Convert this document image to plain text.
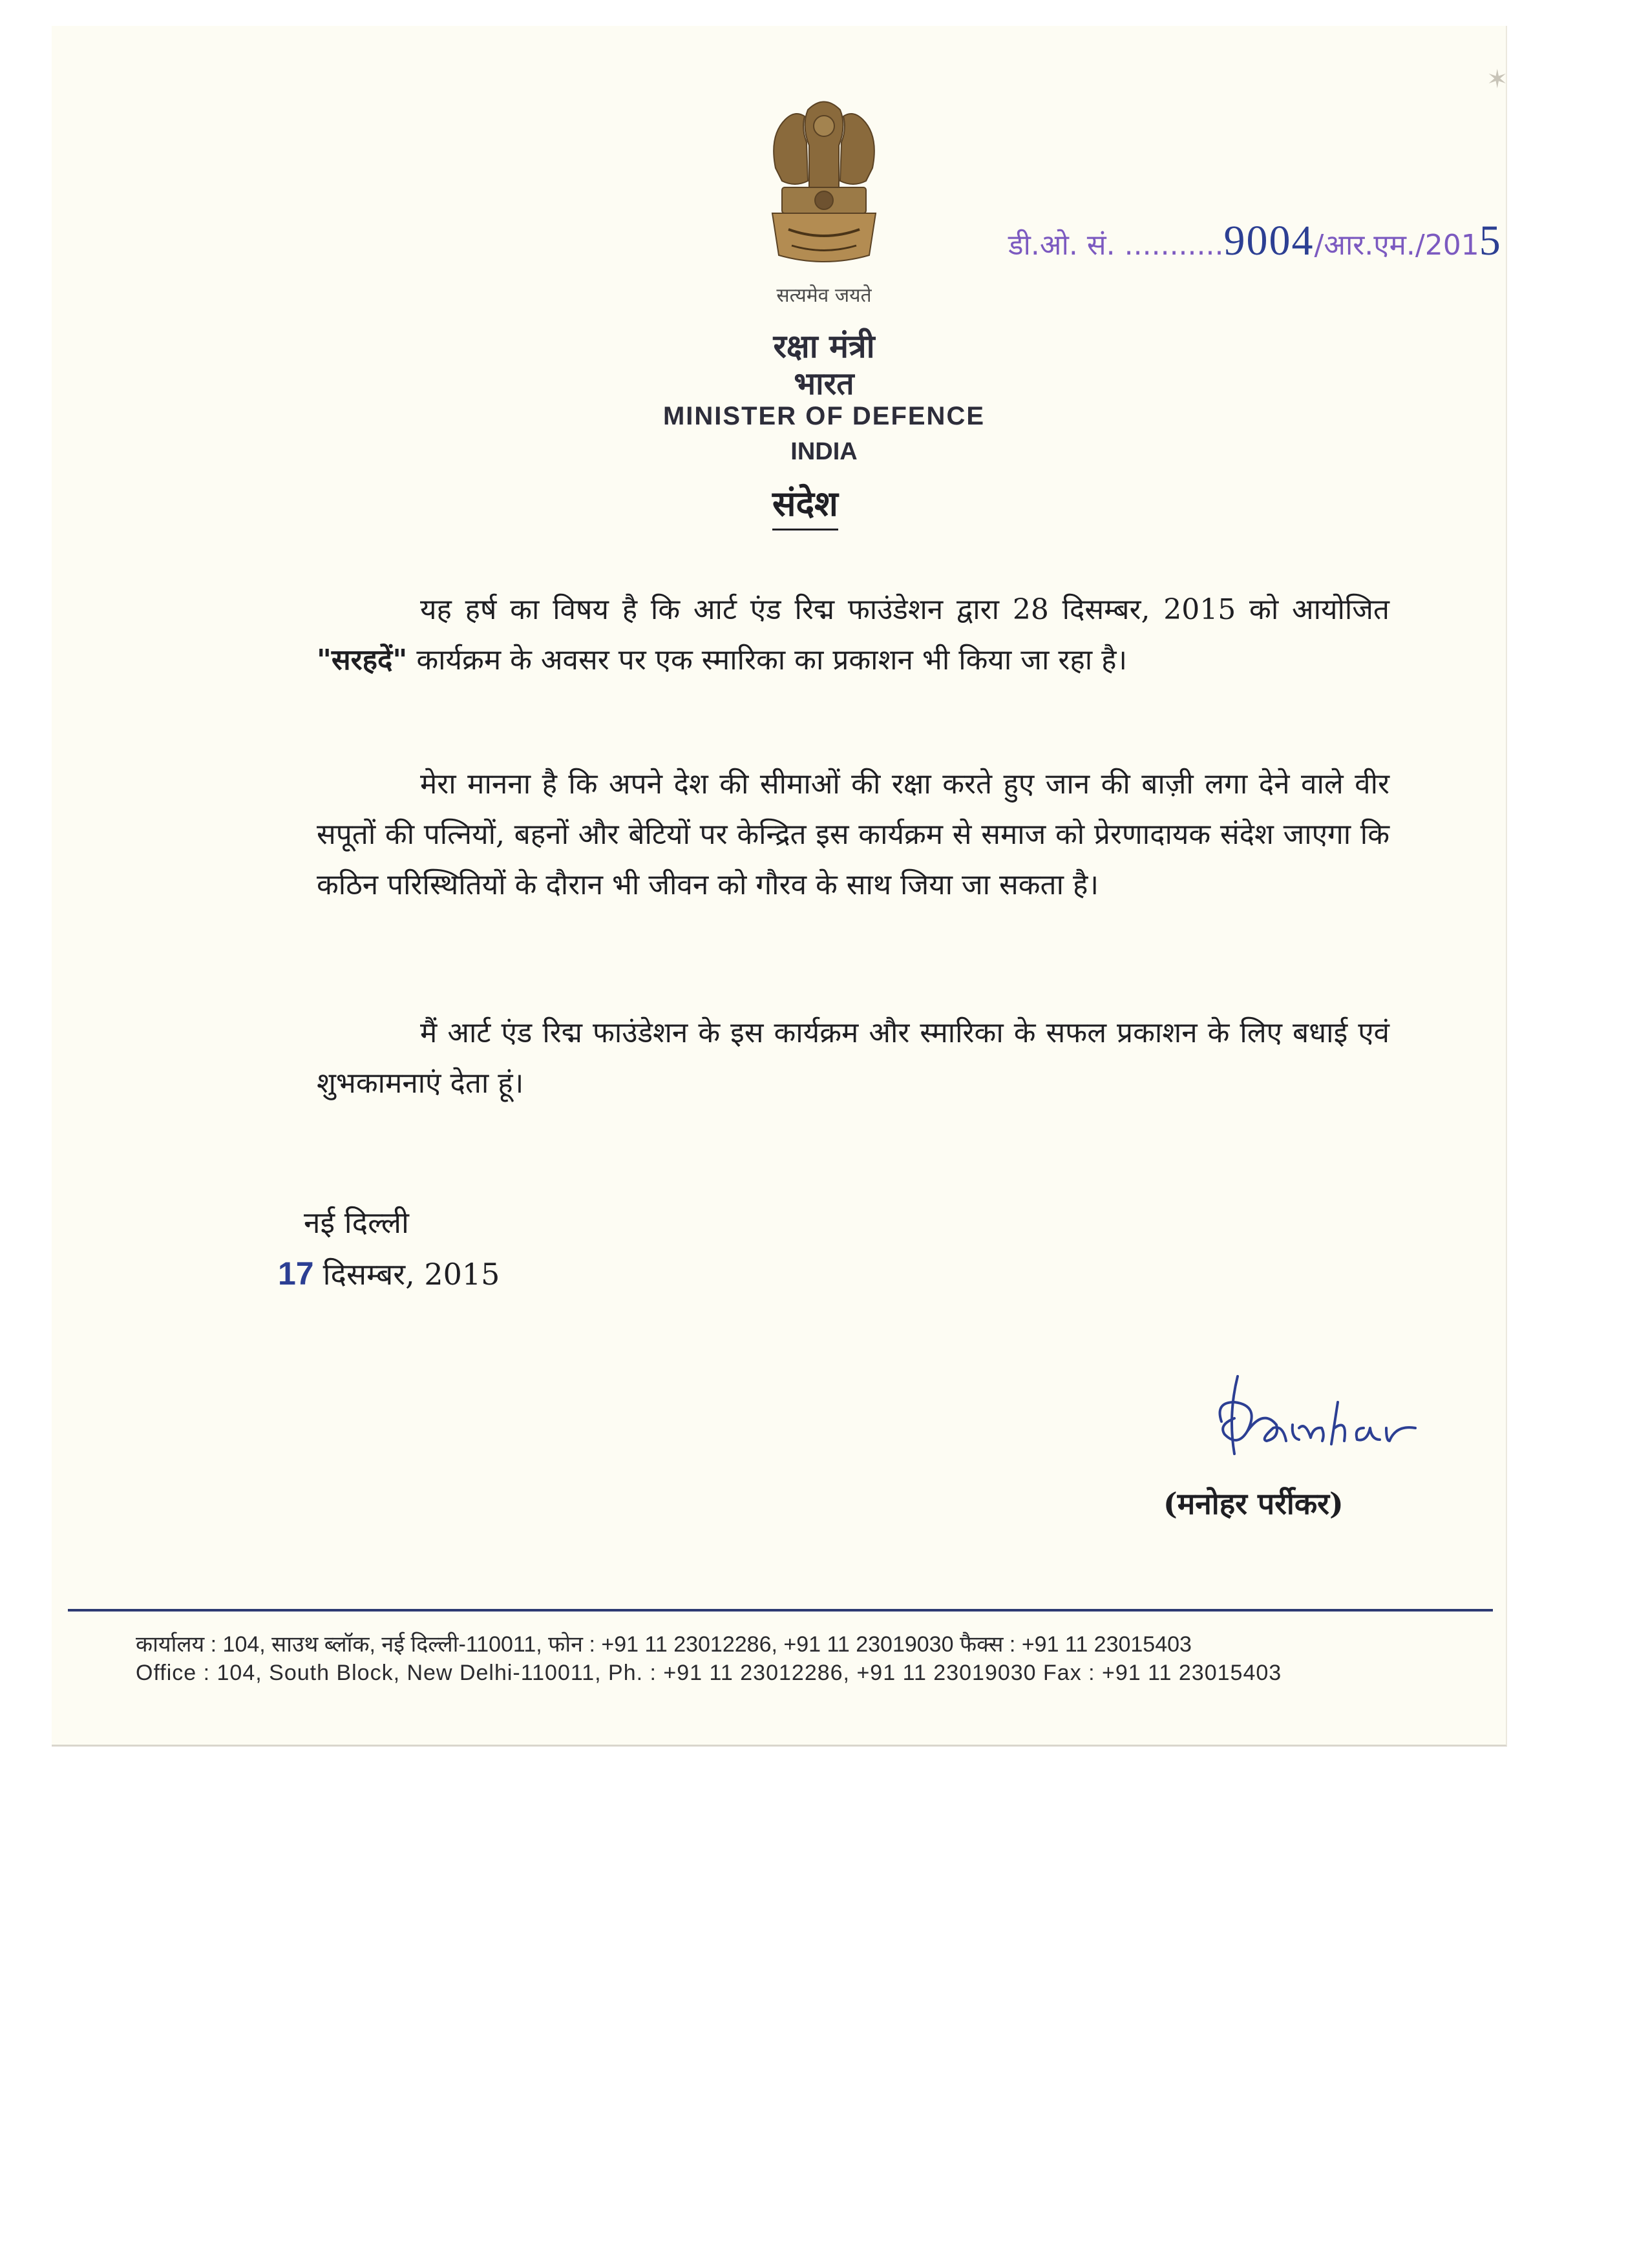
सत्यमेव जयते
डी.ओ. सं. ...........9004/आर.एम./2015
रक्षा मंत्री
भारत
MINISTER OF DEFENCE
INDIA
संदेश
यह हर्ष का विषय है कि आर्ट एंड रिद्म फाउंडेशन द्वारा 28 दिसम्बर, 2015 को आयोजित "सरहदें" कार्यक्रम के अवसर पर एक स्मारिका का प्रकाशन भी किया जा रहा है।
मेरा मानना है कि अपने देश की सीमाओं की रक्षा करते हुए जान की बाज़ी लगा देने वाले वीर सपूतों की पत्नियों, बहनों और बेटियों पर केन्द्रित इस कार्यक्रम से समाज को प्रेरणादायक संदेश जाएगा कि कठिन परिस्थितियों के दौरान भी जीवन को गौरव के साथ जिया जा सकता है।
मैं आर्ट एंड रिद्म फाउंडेशन के इस कार्यक्रम और स्मारिका के सफल प्रकाशन के लिए बधाई एवं शुभकामनाएं देता हूं।
नई दिल्ली
17 दिसम्बर, 2015
(मनोहर पर्रीकर)
कार्यालय : 104, साउथ ब्लॉक, नई दिल्ली-110011, फोन : +91 11 23012286, +91 11 23019030 फैक्स : +91 11 23015403
Office : 104, South Block, New Delhi-110011, Ph. : +91 11 23012286, +91 11 23019030 Fax : +91 11 23015403
✶
